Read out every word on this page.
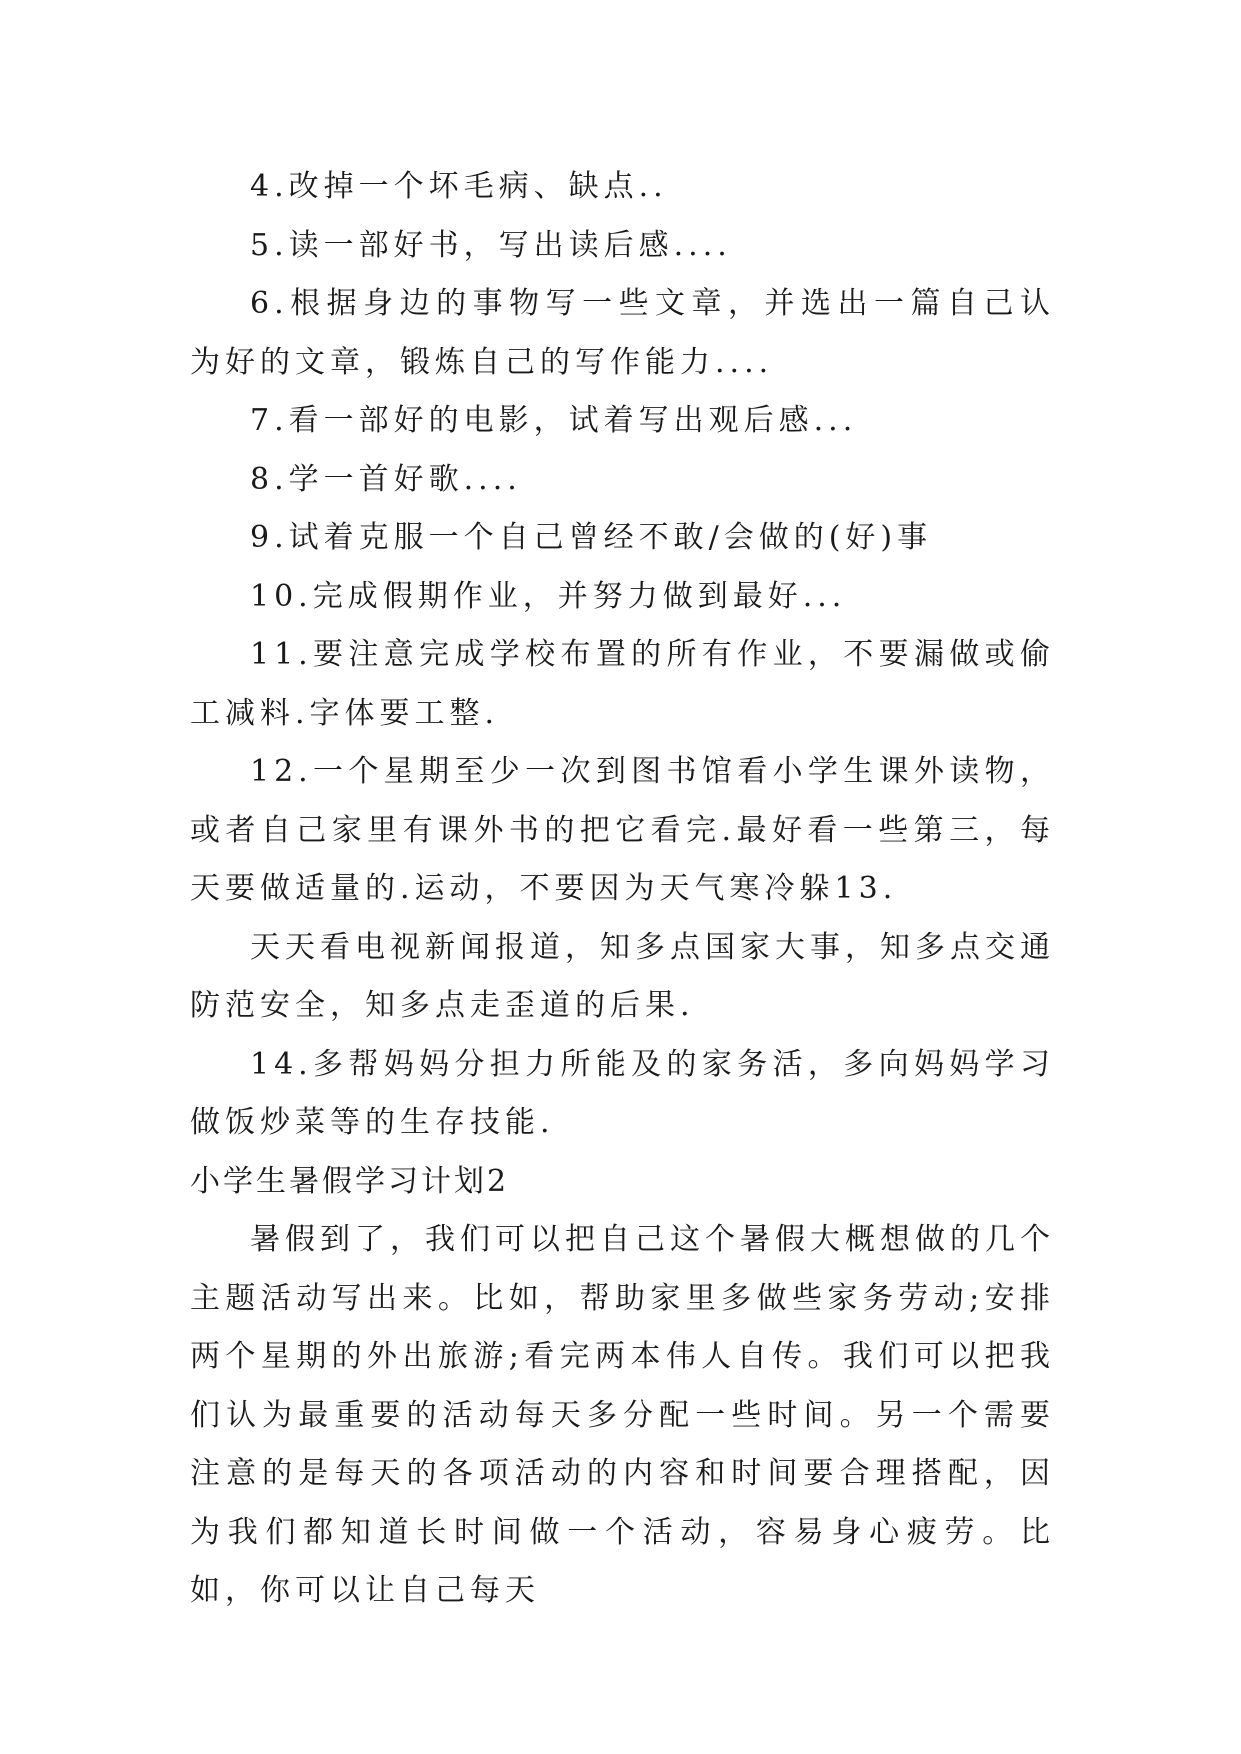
4.改掉一个坏毛病、缺点..

5.读一部好书，写出读后感....

6.根据身边的事物写一些文章，并选出一篇自己认为好的文章，锻炼自己的写作能力....

7.看一部好的电影，试着写出观后感...

8.学一首好歌....

9.试着克服一个自己曾经不敢/会做的(好)事

10.完成假期作业，并努力做到最好...

11.要注意完成学校布置的所有作业，不要漏做或偷工减料.字体要工整.

12.一个星期至少一次到图书馆看小学生课外读物，或者自己家里有课外书的把它看完.最好看一些第三，每天要做适量的.运动，不要因为天气寒冷躲13.

天天看电视新闻报道，知多点国家大事，知多点交通防范安全，知多点走歪道的后果.

14.多帮妈妈分担力所能及的家务活，多向妈妈学习做饭炒菜等的生存技能.

小学生暑假学习计划2

暑假到了，我们可以把自己这个暑假大概想做的几个主题活动写出来。比如，帮助家里多做些家务劳动;安排两个星期的外出旅游;看完两本伟人自传。我们可以把我们认为最重要的活动每天多分配一些时间。另一个需要注意的是每天的各项活动的内容和时间要合理搭配，因为我们都知道长时间做一个活动，容易身心疲劳。比如，你可以让自己每天
